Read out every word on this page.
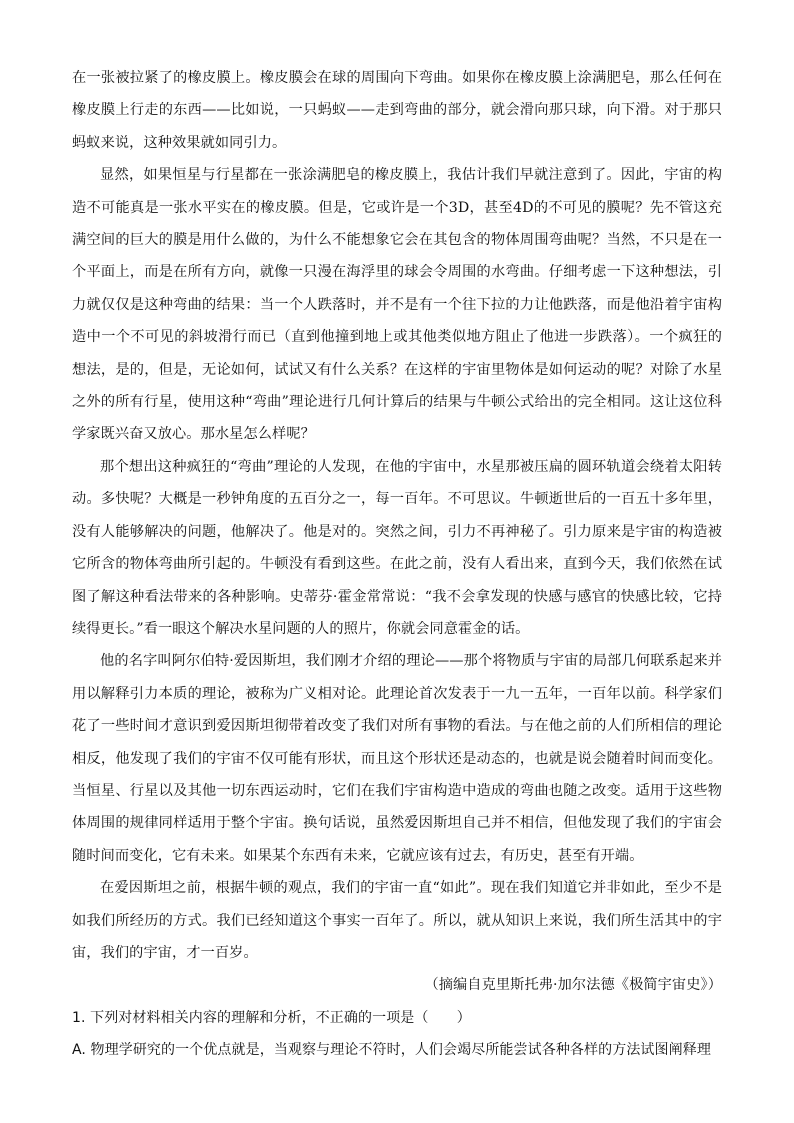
在一张被拉紧了的橡皮膜上。橡皮膜会在球的周围向下弯曲。如果你在橡皮膜上涂满肥皂，那么任何在橡皮膜上行走的东西——比如说，一只蚂蚁——走到弯曲的部分，就会滑向那只球，向下滑。对于那只蚂蚁来说，这种效果就如同引力。

显然，如果恒星与行星都在一张涂满肥皂的橡皮膜上，我估计我们早就注意到了。因此，宇宙的构造不可能真是一张水平实在的橡皮膜。但是，它或许是一个3D，甚至4D的不可见的膜呢？先不管这充满空间的巨大的膜是用什么做的，为什么不能想象它会在其包含的物体周围弯曲呢？当然，不只是在一个平面上，而是在所有方向，就像一只漫在海浮里的球会令周围的水弯曲。仔细考虑一下这种想法，引力就仅仅是这种弯曲的结果：当一个人跌落时，并不是有一个往下拉的力让他跌落，而是他沿着宇宙构造中一个不可见的斜坡滑行而已（直到他撞到地上或其他类似地方阻止了他进一步跌落）。一个疯狂的想法，是的，但是，无论如何，试试又有什么关系？在这样的宇宙里物体是如何运动的呢？对除了水星之外的所有行星，使用这种“弯曲”理论进行几何计算后的结果与牛顿公式给出的完全相同。这让这位科学家既兴奋又放心。那水星怎么样呢？

那个想出这种疯狂的“弯曲”理论的人发现，在他的宇宙中，水星那被压扁的圆环轨道会绕着太阳转动。多快呢？大概是一秒钟角度的五百分之一，每一百年。不可思议。牛顿逝世后的一百五十多年里，没有人能够解决的问题，他解决了。他是对的。突然之间，引力不再神秘了。引力原来是宇宙的构造被它所含的物体弯曲所引起的。牛顿没有看到这些。在此之前，没有人看出来，直到今天，我们依然在试图了解这种看法带来的各种影响。史蒂芬·霍金常常说：“我不会拿发现的快感与感官的快感比较，它持续得更长。”看一眼这个解决水星问题的人的照片，你就会同意霍金的话。

他的名字叫阿尔伯特·爱因斯坦，我们刚才介绍的理论——那个将物质与宇宙的局部几何联系起来并用以解释引力本质的理论，被称为广义相对论。此理论首次发表于一九一五年，一百年以前。科学家们花了一些时间才意识到爱因斯坦彻带着改变了我们对所有事物的看法。与在他之前的人们所相信的理论相反，他发现了我们的宇宙不仅可能有形状，而且这个形状还是动态的，也就是说会随着时间而变化。当恒星、行星以及其他一切东西运动时，它们在我们宇宙构造中造成的弯曲也随之改变。适用于这些物体周围的规律同样适用于整个宇宙。换句话说，虽然爱因斯坦自己并不相信，但他发现了我们的宇宙会随时间而变化，它有未来。如果某个东西有未来，它就应该有过去，有历史，甚至有开端。

在爱因斯坦之前，根据牛顿的观点，我们的宇宙一直“如此”。现在我们知道它并非如此，至少不是如我们所经历的方式。我们已经知道这个事实一百年了。所以，就从知识上来说，我们所生活其中的宇宙，我们的宇宙，才一百岁。

（摘编自克里斯托弗·加尔法德《极简宇宙史》）

1. 下列对材料相关内容的理解和分析，不正确的一项是（　　）

A. 物理学研究的一个优点就是，当观察与理论不符时，人们会竭尽所能尝试各种各样的方法试图阐释理
